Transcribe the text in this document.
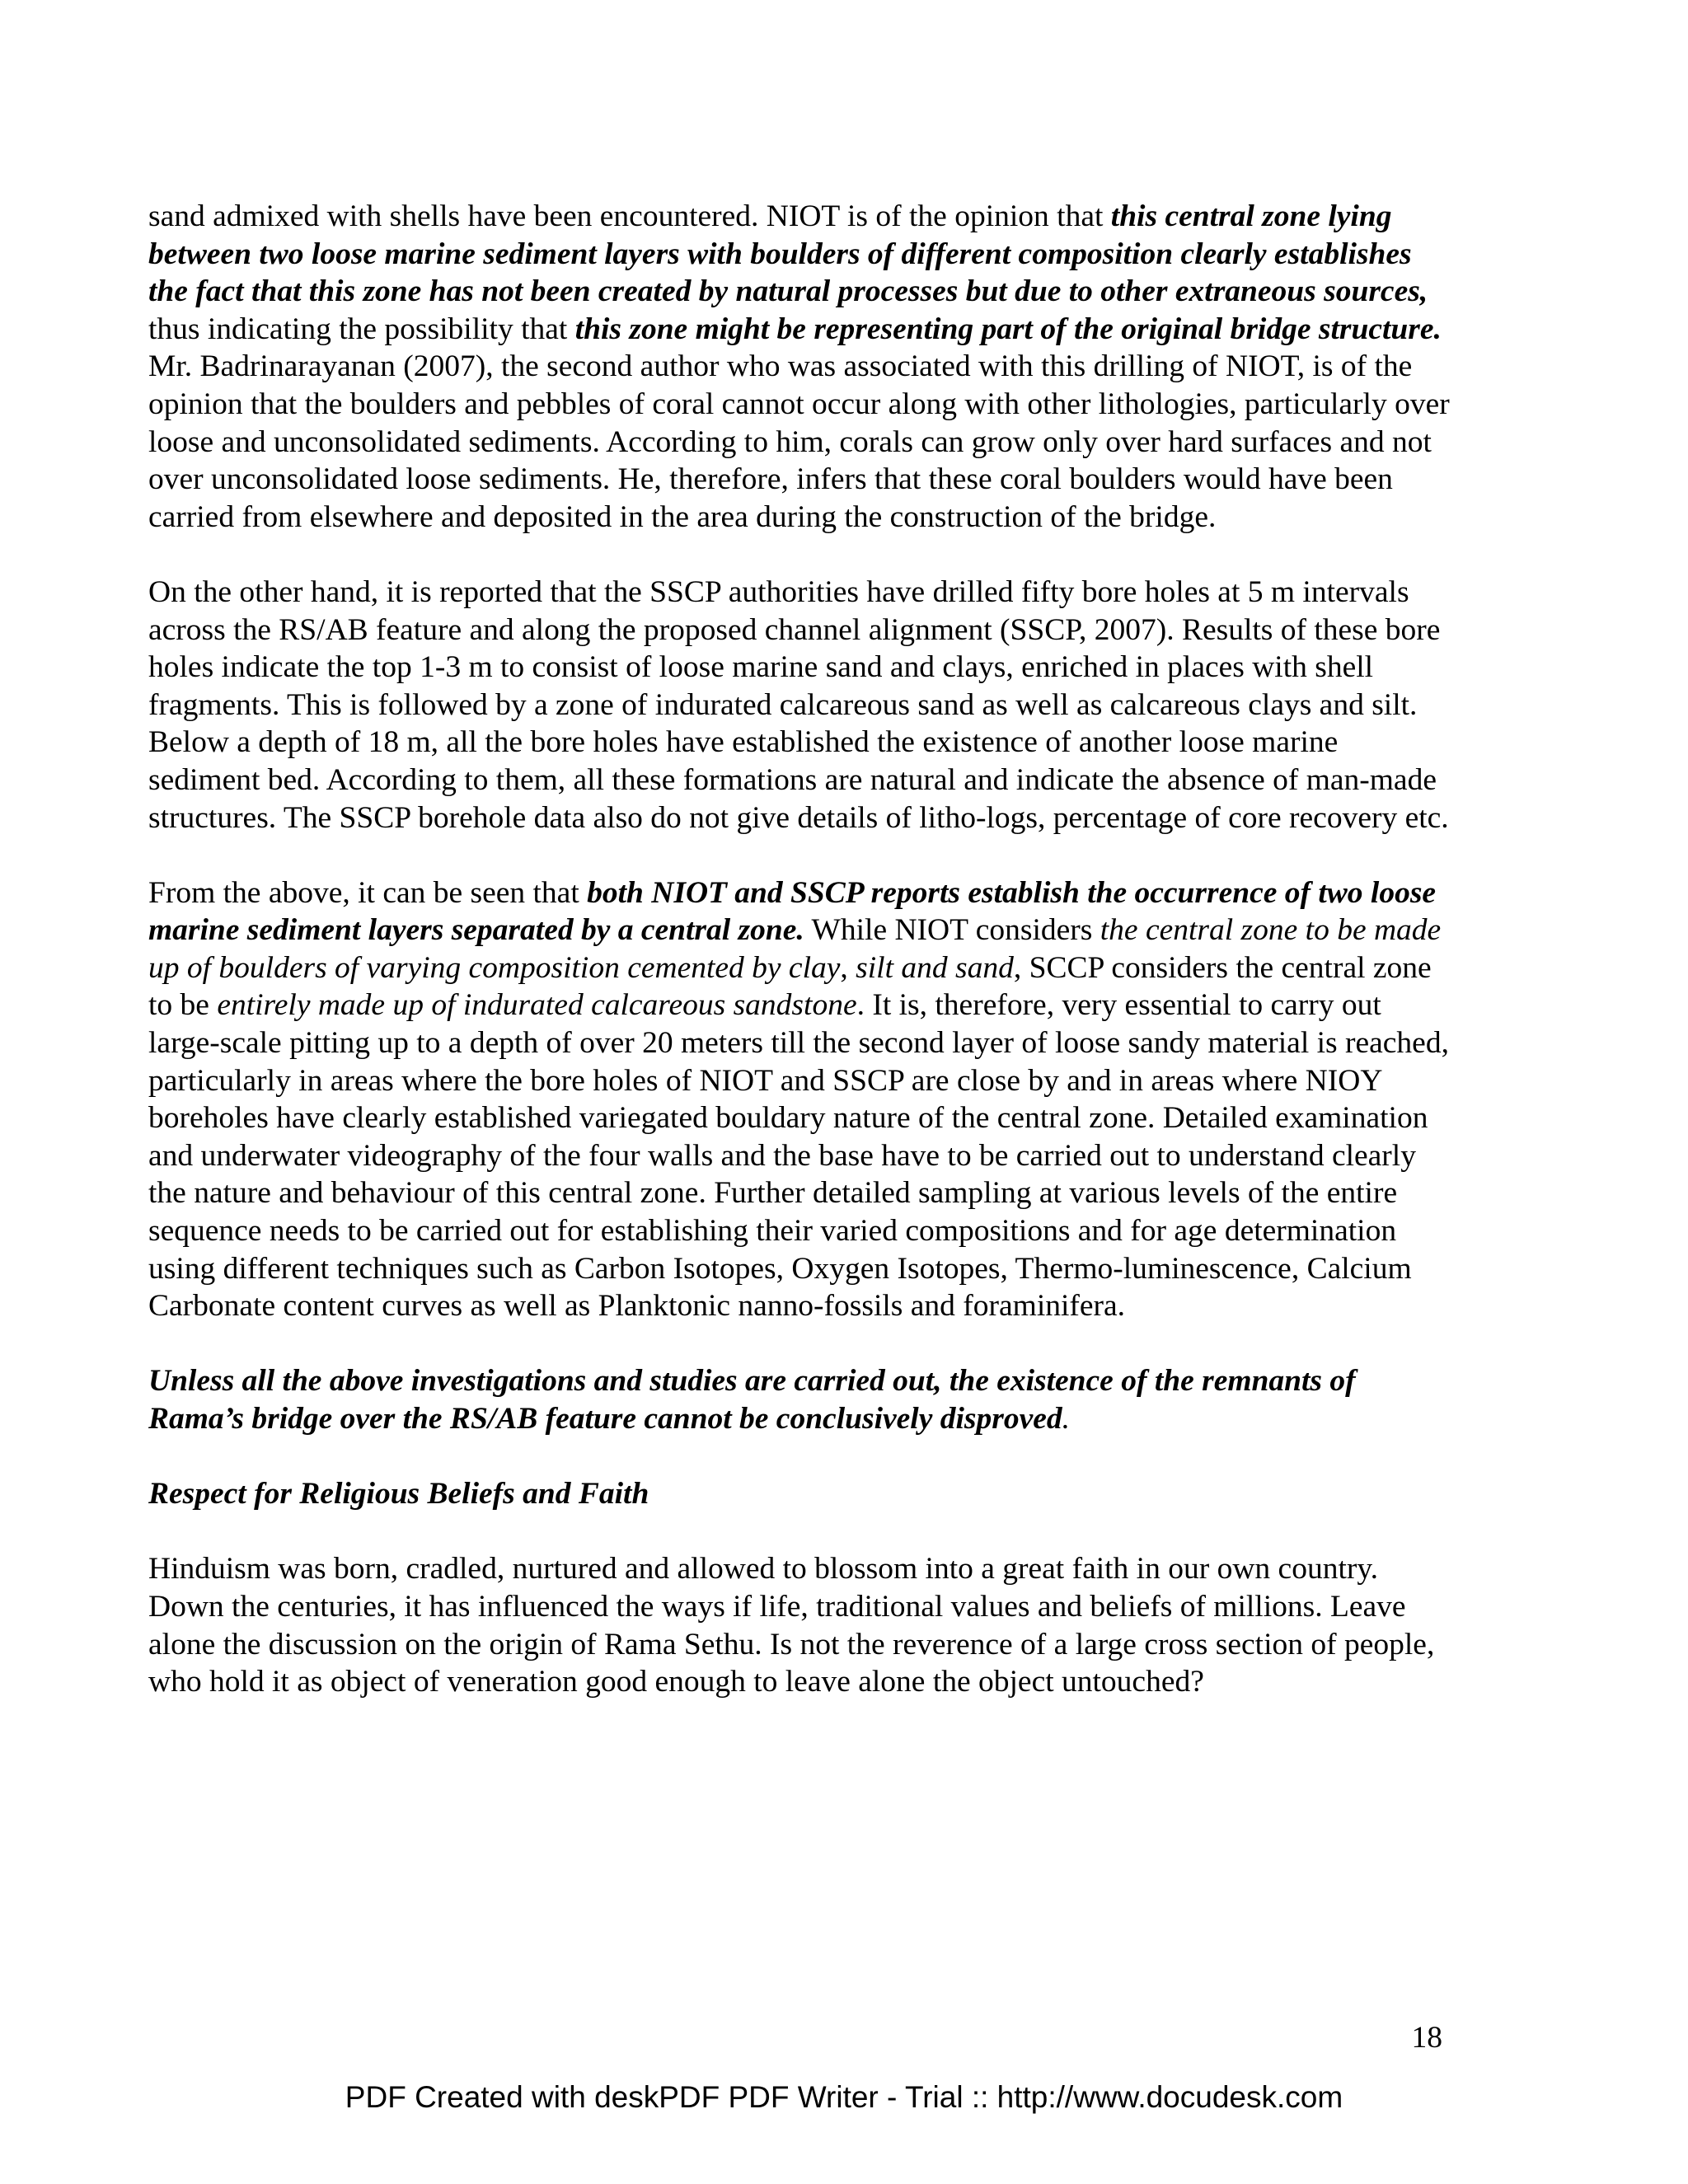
sand admixed with shells have been encountered. NIOT is of the opinion that this central zone lying between two loose marine sediment layers with boulders of different composition clearly establishes the fact that this zone has not been created by natural processes but due to other extraneous sources, thus indicating the possibility that this zone might be representing part of the original bridge structure. Mr. Badrinarayanan (2007), the second author who was associated with this drilling of NIOT, is of the opinion that the boulders and pebbles of coral cannot occur along with other lithologies, particularly over loose and unconsolidated sediments. According to him, corals can grow only over hard surfaces and not over unconsolidated loose sediments. He, therefore, infers that these coral boulders would have been carried from elsewhere and deposited in the area during the construction of the bridge.

On the other hand, it is reported that the SSCP authorities have drilled fifty bore holes at 5 m intervals across the RS/AB feature and along the proposed channel alignment (SSCP, 2007). Results of these bore holes indicate the top 1-3 m to consist of loose marine sand and clays, enriched in places with shell fragments. This is followed by a zone of indurated calcareous sand as well as calcareous clays and silt. Below a depth of 18 m, all the bore holes have established the existence of another loose marine sediment bed. According to them, all these formations are natural and indicate the absence of man-made structures. The SSCP borehole data also do not give details of litho-logs, percentage of core recovery etc.

From the above, it can be seen that both NIOT and SSCP reports establish the occurrence of two loose marine sediment layers separated by a central zone. While NIOT considers the central zone to be made up of boulders of varying composition cemented by clay, silt and sand, SCCP considers the central zone to be entirely made up of indurated calcareous sandstone. It is, therefore, very essential to carry out large-scale pitting up to a depth of over 20 meters till the second layer of loose sandy material is reached, particularly in areas where the bore holes of NIOT and SSCP are close by and in areas where NIOY boreholes have clearly established variegated bouldary nature of the central zone. Detailed examination and underwater videography of the four walls and the base have to be carried out to understand clearly the nature and behaviour of this central zone. Further detailed sampling at various levels of the entire sequence needs to be carried out for establishing their varied compositions and for age determination using different techniques such as Carbon Isotopes, Oxygen Isotopes, Thermo-luminescence, Calcium Carbonate content curves as well as Planktonic nanno-fossils and foraminifera.

Unless all the above investigations and studies are carried out, the existence of the remnants of Rama’s bridge over the RS/AB feature cannot be conclusively disproved.

Respect for Religious Beliefs and Faith

Hinduism was born, cradled, nurtured and allowed to blossom into a great faith in our own country. Down the centuries, it has influenced the ways if life, traditional values and beliefs of millions. Leave alone the discussion on the origin of Rama Sethu. Is not the reverence of a large cross section of people, who hold it as object of veneration good enough to leave alone the object untouched?

18
PDF Created with deskPDF PDF Writer - Trial :: http://www.docudesk.com
